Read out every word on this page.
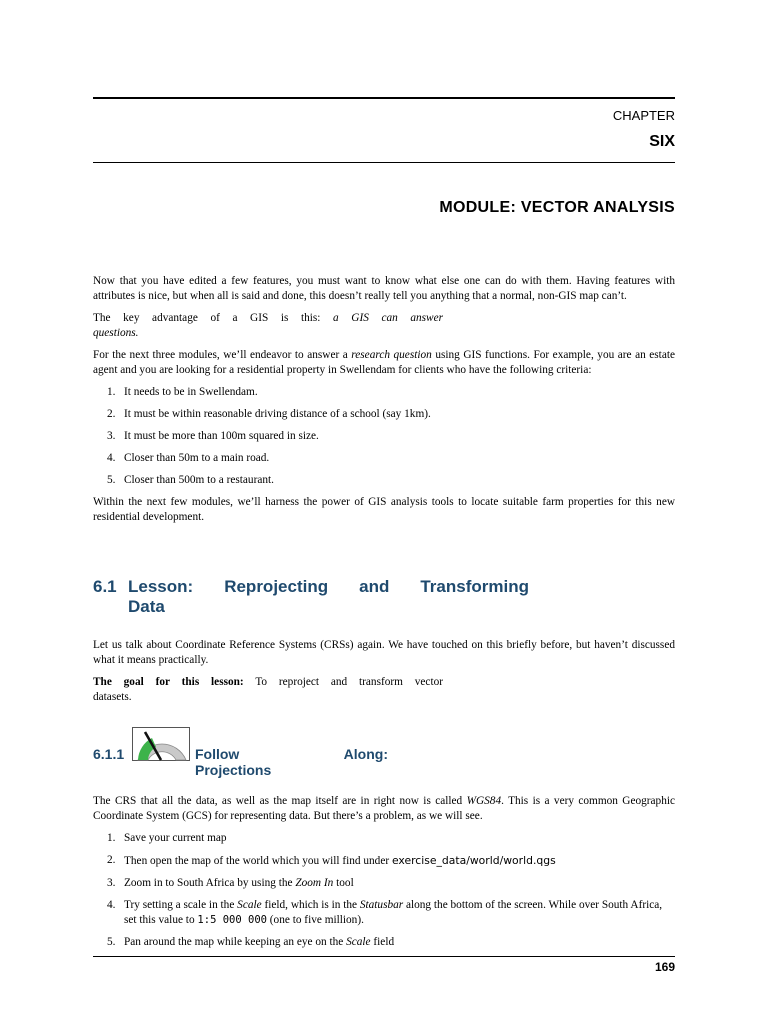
CHAPTER
SIX
MODULE: VECTOR ANALYSIS

Now that you have edited a few features, you must want to know what else one can do with them. Having features with attributes is nice, but when all is said and done, this doesn’t really tell you anything that a normal, non-GIS map can’t.

The key advantage of a GIS is this: a GIS can answer
questions.

For the next three modules, we’ll endeavor to answer a research question using GIS functions. For example, you are an estate agent and you are looking for a residential property in Swellendam for clients who have the following criteria:

1. It needs to be in Swellendam.
2. It must be within reasonable driving distance of a school (say 1km).
3. It must be more than 100m squared in size.
4. Closer than 50m to a main road.
5. Closer than 500m to a restaurant.

Within the next few modules, we’ll harness the power of GIS analysis tools to locate suitable farm properties for this new residential development.

6.1 Lesson: Reprojecting and Transforming
Data

Let us talk about Coordinate Reference Systems (CRSs) again. We have touched on this briefly before, but haven’t discussed what it means practically.

The goal for this lesson: To reproject and transform vector
datasets.

6.1.1	Follow	Along:
Projections

The CRS that all the data, as well as the map itself are in right now is called WGS84. This is a very common Geographic Coordinate System (GCS) for representing data. But there’s a problem, as we will see.

1. Save your current map
2. Then open the map of the world which you will find under exercise_data/world/world.qgs
3. Zoom in to South Africa by using the Zoom In tool
4. Try setting a scale in the Scale field, which is in the Statusbar along the bottom of the screen. While over South Africa, set this value to 1:5 000 000 (one to five million).
5. Pan around the map while keeping an eye on the Scale field
169
